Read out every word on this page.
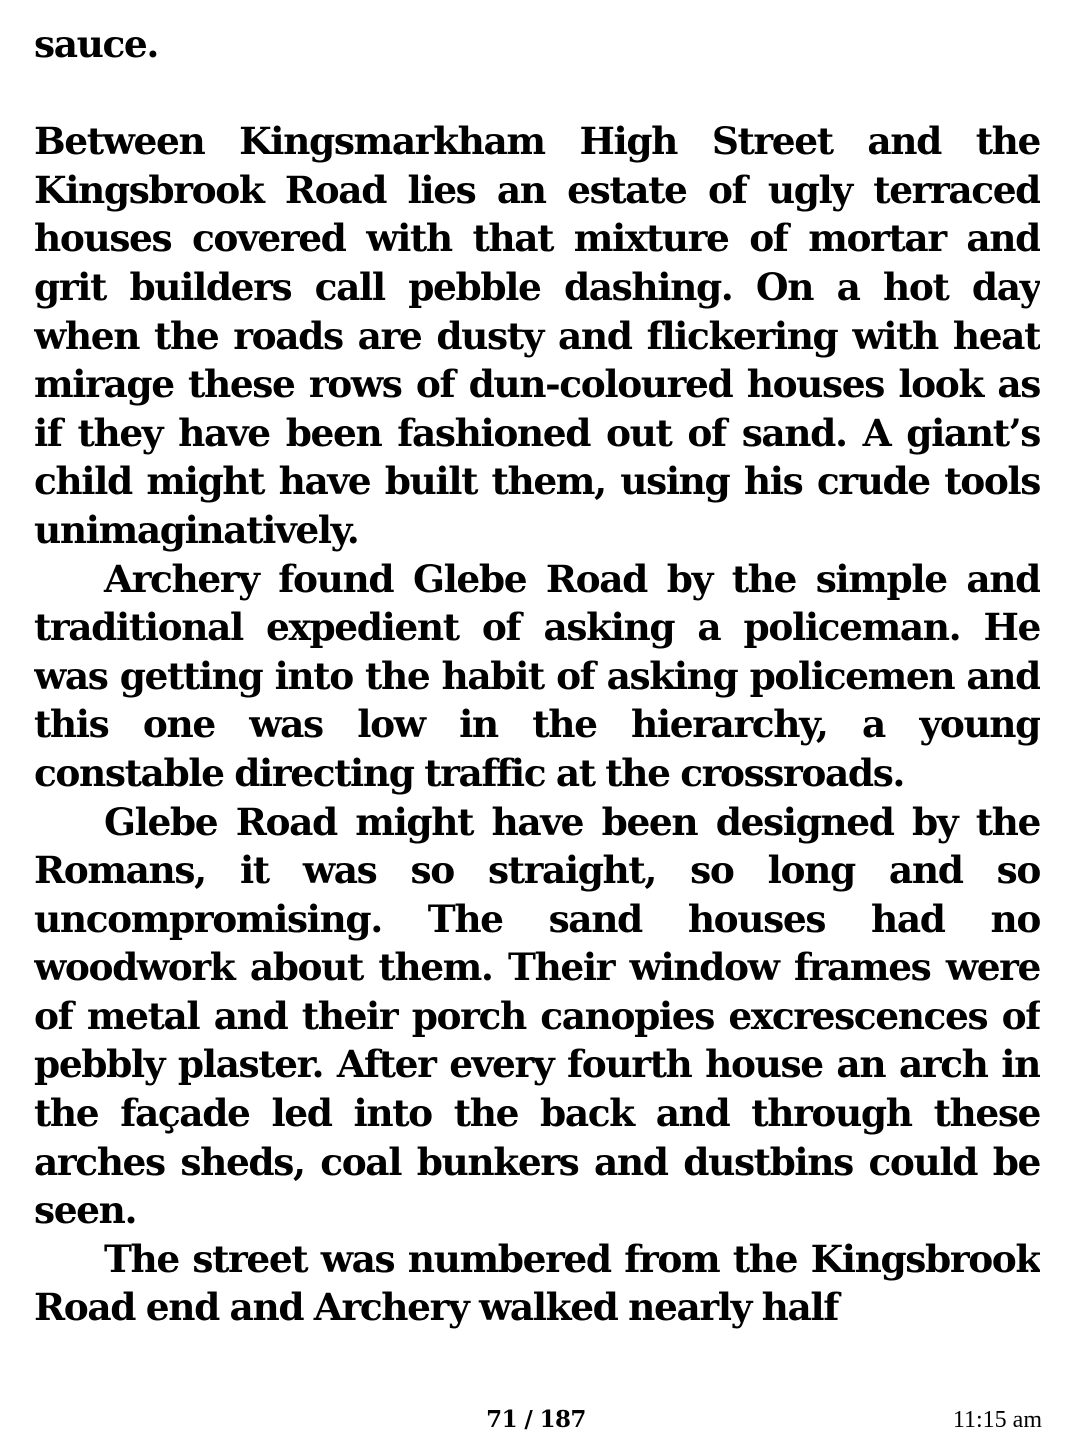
sauce.

Between Kingsmarkham High Street and the Kingsbrook Road lies an estate of ugly terraced houses covered with that mixture of mortar and grit builders call pebble dashing. On a hot day when the roads are dusty and flickering with heat mirage these rows of dun-coloured houses look as if they have been fashioned out of sand. A giant’s child might have built them, using his crude tools unimaginatively.

Archery found Glebe Road by the simple and traditional expedient of asking a policeman. He was getting into the habit of asking policemen and this one was low in the hierarchy, a young constable directing traffic at the crossroads.

Glebe Road might have been designed by the Romans, it was so straight, so long and so uncompromising. The sand houses had no woodwork about them. Their window frames were of metal and their porch canopies excrescences of pebbly plaster. After every fourth house an arch in the façade led into the back and through these arches sheds, coal bunkers and dustbins could be seen.

The street was numbered from the Kingsbrook Road end and Archery walked nearly half

71 / 187	11:15 am
